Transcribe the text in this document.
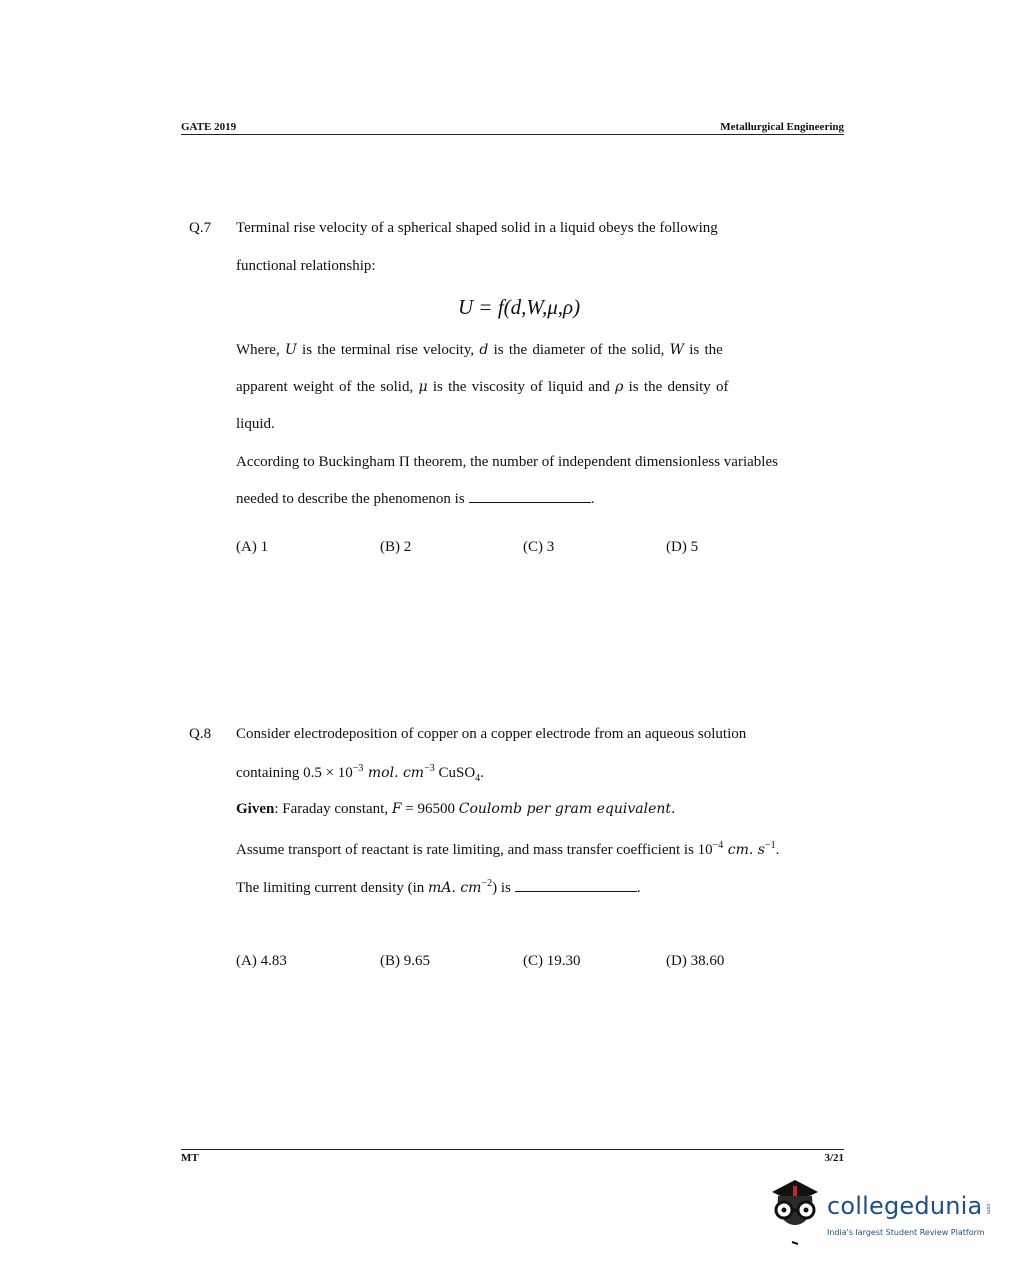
GATE 2019	Metallurgical Engineering
Q.7 Terminal rise velocity of a spherical shaped solid in a liquid obeys the following
functional relationship:
U = f(d,W,μ,ρ)
Where, U is the terminal rise velocity, d is the diameter of the solid, W is the
apparent weight of the solid, μ is the viscosity of liquid and ρ is the density of
liquid.
According to Buckingham Π theorem, the number of independent dimensionless variables
needed to describe the phenomenon is	.
(A) 1	(B) 2	(C) 3	(D) 5
Q.8 Consider electrodeposition of copper on a copper electrode from an aqueous solution
containing $0.5 \times 10^{-3}$ mol. $cm^{-3}$ CuSO$_4$.
Given: Faraday constant, F = 96500 Coulomb per gram equivalent.
Assume transport of reactant is rate limiting, and mass transfer coefficient is $10^{-4}$ cm. $s^{-1}$.
The limiting current density (in mA. $cm^{-2}$) is	.
(A) 4.83	(B) 9.65	(C) 19.30	(D) 38.60
MT	3/21
collegedunia .com
India's largest Student Review Platform
